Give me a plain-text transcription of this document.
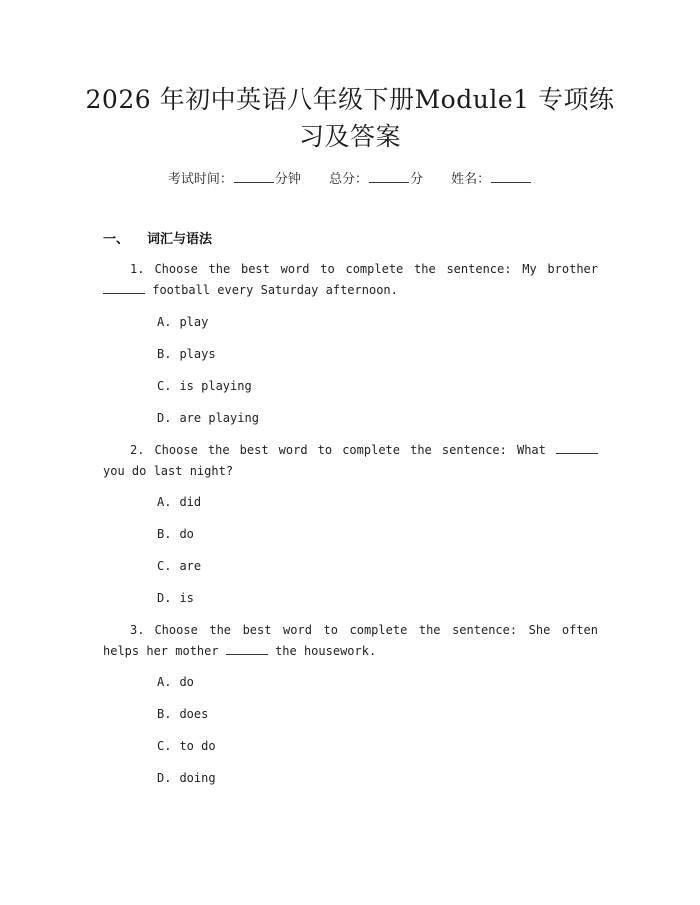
2026 年初中英语八年级下册Module1 专项练
习及答案
考试时间：	分钟 总分：	分 姓名：
一、 词汇与语法
1. Choose the best word to complete the sentence: My brother  football every Saturday afternoon.
A. play
B. plays
C. is playing
D. are playing
2. Choose the best word to complete the sentence: What  you do last night?
A. did
B. do
C. are
D. is
3. Choose the best word to complete the sentence: She often helps her mother	the housework.
A. do
B. does
C. to do
D. doing
